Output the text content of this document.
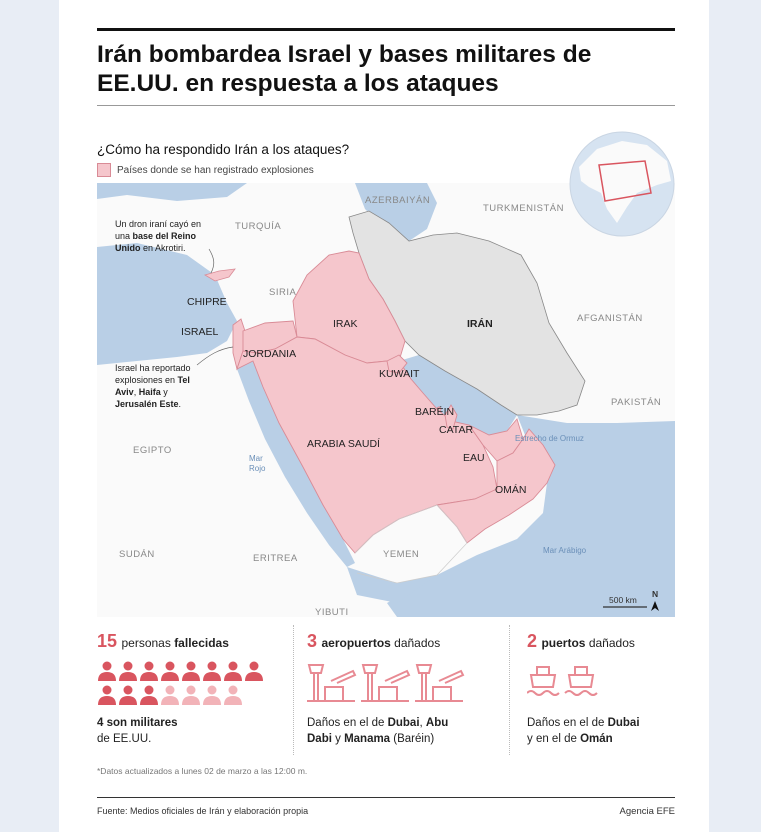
Irán bombardea Israel y bases militares de EE.UU. en respuesta a los ataques
¿Cómo ha respondido Irán a los ataques?
Países donde se han registrado explosiones
AZERBAIYÁN
TURKMENISTÁN
TURQUÍA
SIRIA
AFGANISTÁN
PAKISTÁN
EGIPTO
SUDÁN	ERITREA	YEMEN
YIBUTI
CHIPRE
ISRAEL
JORDANIA
IRAK	IRÁN
KUWAIT
BARÉIN
CATAR
ARABIA SAUDÍ
EAU
OMÁN
Mar
Rojo
Estrecho de Ormuz
Mar Arábigo
Un dron iraní cayó en
una base del Reino
Unido en Akrotiri.
Israel ha reportado
explosiones en Tel
Aviv, Haifa y
Jerusalén Este.
500 km
N
15 personas fallecidas
4 son militares
de EE.UU.
3 aeropuertos dañados
Daños en el de Dubai, Abu
Dabi y Manama (Baréin)
2 puertos dañados
Daños en el de Dubai
y en el de Omán
*Datos actualizados a lunes 02 de marzo a las 12:00 m.
Fuente: Medios oficiales de Irán y elaboración propia	Agencia EFE
